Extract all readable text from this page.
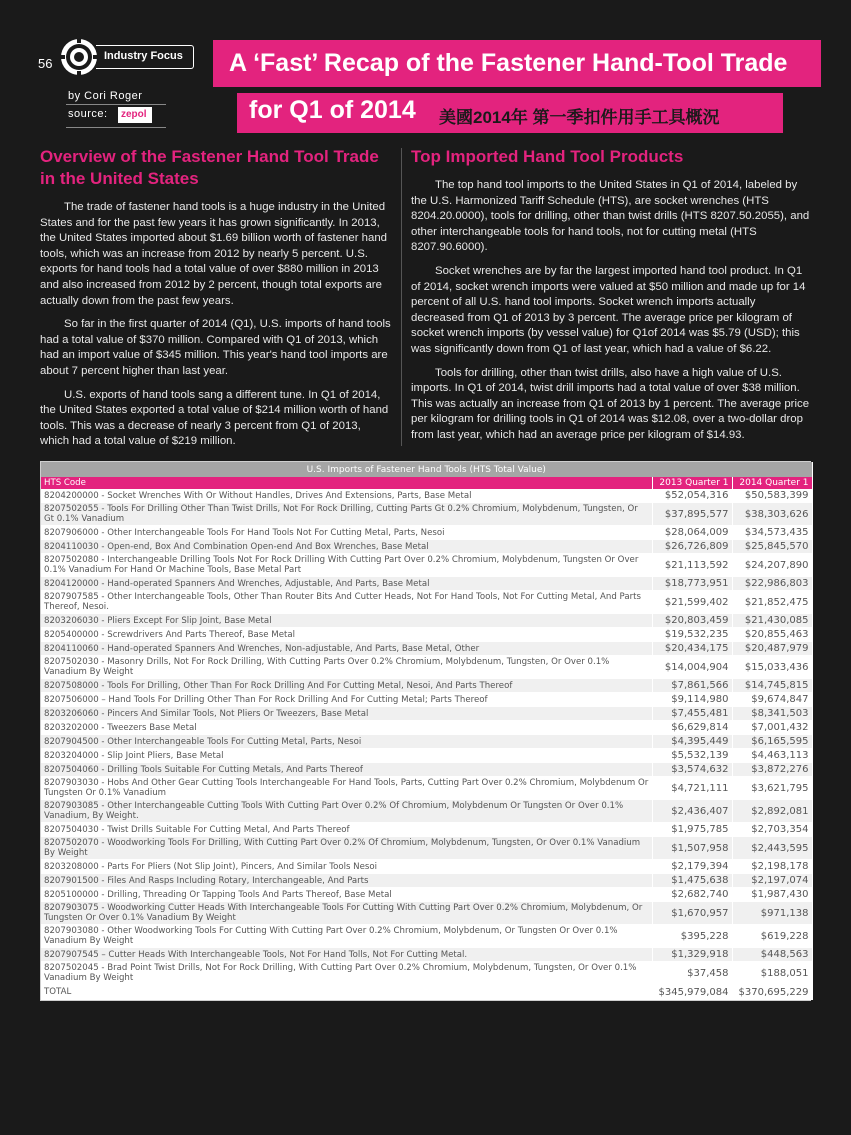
56	Industry Focus	A ‘Fast’ Recap of the Fastener Hand-Tool Trade
for Q1 of 2014 美國2014年 第一季扣件用手工具概況
by Cori Roger
source:	zepol
Overview of the Fastener Hand Tool Trade in the United States

The trade of fastener hand tools is a huge industry in the United States and for the past few years it has grown significantly. In 2013, the United States imported about $1.69 billion worth of fastener hand tools, which was an increase from 2012 by nearly 5 percent. U.S. exports for hand tools had a total value of over $880 million in 2013 and also increased from 2012 by 2 percent, though total exports are actually down from the past few years.

So far in the first quarter of 2014 (Q1), U.S. imports of hand tools had a total value of $370 million. Compared with Q1 of 2013, which had an import value of $345 million. This year's hand tool imports are about 7 percent higher than last year.

U.S. exports of hand tools sang a different tune. In Q1 of 2014, the United States exported a total value of $214 million worth of hand tools. This was a decrease of nearly 3 percent from Q1 of 2013, which had a total value of $219 million.

Top Imported Hand Tool Products

The top hand tool imports to the United States in Q1 of 2014, labeled by the U.S. Harmonized Tariff Schedule (HTS), are socket wrenches (HTS 8204.20.0000), tools for drilling, other than twist drills (HTS 8207.50.2055), and other interchangeable tools for hand tools, not for cutting metal (HTS 8207.90.6000).

Socket wrenches are by far the largest imported hand tool product. In Q1 of 2014, socket wrench imports were valued at $50 million and made up for 14 percent of all U.S. hand tool imports. Socket wrench imports actually decreased from Q1 of 2013 by 3 percent. The average price per kilogram of socket wrench imports (by vessel value) for Q1of 2014 was $5.79 (USD); this was significantly down from Q1 of last year, which had a value of $6.22.

Tools for drilling, other than twist drills, also have a high value of U.S. imports. In Q1 of 2014, twist drill imports had a total value of over $38 million. This was actually an increase from Q1 of 2013 by 1 percent. The average price per kilogram for drilling tools in Q1 of 2014 was $12.08, over a two-dollar drop from last year, which had an average price per kilogram of $14.93.

U.S. Imports of Fastener Hand Tools (HTS Total Value)		
HTS Code	2013 Quarter 1	2014 Quarter 1
8204200000 - Socket Wrenches With Or Without Handles, Drives And Extensions, Parts, Base Metal	$52,054,316	$50,583,399
8207502055 - Tools For Drilling Other Than Twist Drills, Not For Rock Drilling, Cutting Parts Gt 0.2% Chromium, Molybdenum, Tungsten, Or Gt 0.1% Vanadium	$37,895,577	$38,303,626
8207906000 - Other Interchangeable Tools For Hand Tools Not For Cutting Metal, Parts, Nesoi	$28,064,009	$34,573,435
8204110030 - Open-end, Box And Combination Open-end And Box Wrenches, Base Metal	$26,726,809	$25,845,570
8207502080 - Interchangeable Drilling Tools Not For Rock Drilling With Cutting Part Over 0.2% Chromium, Molybdenum, Tungsten Or Over 0.1% Vanadium For Hand Or Machine Tools, Base Metal Part	$21,113,592	$24,207,890
8204120000 - Hand-operated Spanners And Wrenches, Adjustable, And Parts, Base Metal	$18,773,951	$22,986,803
8207907585 - Other Interchangeable Tools, Other Than Router Bits And Cutter Heads, Not For Hand Tools, Not For Cutting Metal, And Parts Thereof, Nesoi.	$21,599,402	$21,852,475
8203206030 - Pliers Except For Slip Joint, Base Metal	$20,803,459	$21,430,085
8205400000 - Screwdrivers And Parts Thereof, Base Metal	$19,532,235	$20,855,463
8204110060 - Hand-operated Spanners And Wrenches, Non-adjustable, And Parts, Base Metal, Other	$20,434,175	$20,487,979
8207502030 - Masonry Drills, Not For Rock Drilling, With Cutting Parts Over 0.2% Chromium, Molybdenum, Tungsten, Or Over 0.1% Vanadium By Weight	$14,004,904	$15,033,436
8207508000 - Tools For Drilling, Other Than For Rock Drilling And For Cutting Metal, Nesoi, And Parts Thereof	$7,861,566	$14,745,815
8207506000 – Hand Tools For Drilling Other Than For Rock Drilling And For Cutting Metal; Parts Thereof	$9,114,980	$9,674,847
8203206060 - Pincers And Similar Tools, Not Pliers Or Tweezers, Base Metal	$7,455,481	$8,341,503
8203202000 - Tweezers Base Metal	$6,629,814	$7,001,432
8207904500 - Other Interchangeable Tools For Cutting Metal, Parts, Nesoi	$4,395,449	$6,165,595
8203204000 - Slip Joint Pliers, Base Metal	$5,532,139	$4,463,113
8207504060 - Drilling Tools Suitable For Cutting Metals, And Parts Thereof	$3,574,632	$3,872,276
8207903030 - Hobs And Other Gear Cutting Tools Interchangeable For Hand Tools, Parts, Cutting Part Over 0.2% Chromium, Molybdenum Or Tungsten Or 0.1% Vanadium	$4,721,111	$3,621,795
8207903085 - Other Interchangeable Cutting Tools With Cutting Part Over 0.2% Of Chromium, Molybdenum Or Tungsten Or Over 0.1% Vanadium, By Weight.	$2,436,407	$2,892,081
8207504030 - Twist Drills Suitable For Cutting Metal, And Parts Thereof	$1,975,785	$2,703,354
8207502070 - Woodworking Tools For Drilling, With Cutting Part Over 0.2% Of Chromium, Molybdenum, Tungsten, Or Over 0.1% Vanadium By Weight	$1,507,958	$2,443,595
8203208000 - Parts For Pliers (Not Slip Joint), Pincers, And Similar Tools Nesoi	$2,179,394	$2,198,178
8207901500 - Files And Rasps Including Rotary, Interchangeable, And Parts	$1,475,638	$2,197,074
8205100000 - Drilling, Threading Or Tapping Tools And Parts Thereof, Base Metal	$2,682,740	$1,987,430
8207903075 - Woodworking Cutter Heads With Interchangeable Tools For Cutting With Cutting Part Over 0.2% Chromium, Molybdenum, Or Tungsten Or Over 0.1% Vanadium By Weight	$1,670,957	$971,138
8207903080 - Other Woodworking Tools For Cutting With Cutting Part Over 0.2% Chromium, Molybdenum, Or Tungsten Or Over 0.1% Vanadium By Weight	$395,228	$619,228
8207907545 – Cutter Heads With Interchangeable Tools, Not For Hand Tolls, Not For Cutting Metal.	$1,329,918	$448,563
8207502045 - Brad Point Twist Drills, Not For Rock Drilling, With Cutting Part Over 0.2% Chromium, Molybdenum, Tungsten, Or Over 0.1% Vanadium By Weight	$37,458	$188,051
TOTAL	$345,979,084	$370,695,229
